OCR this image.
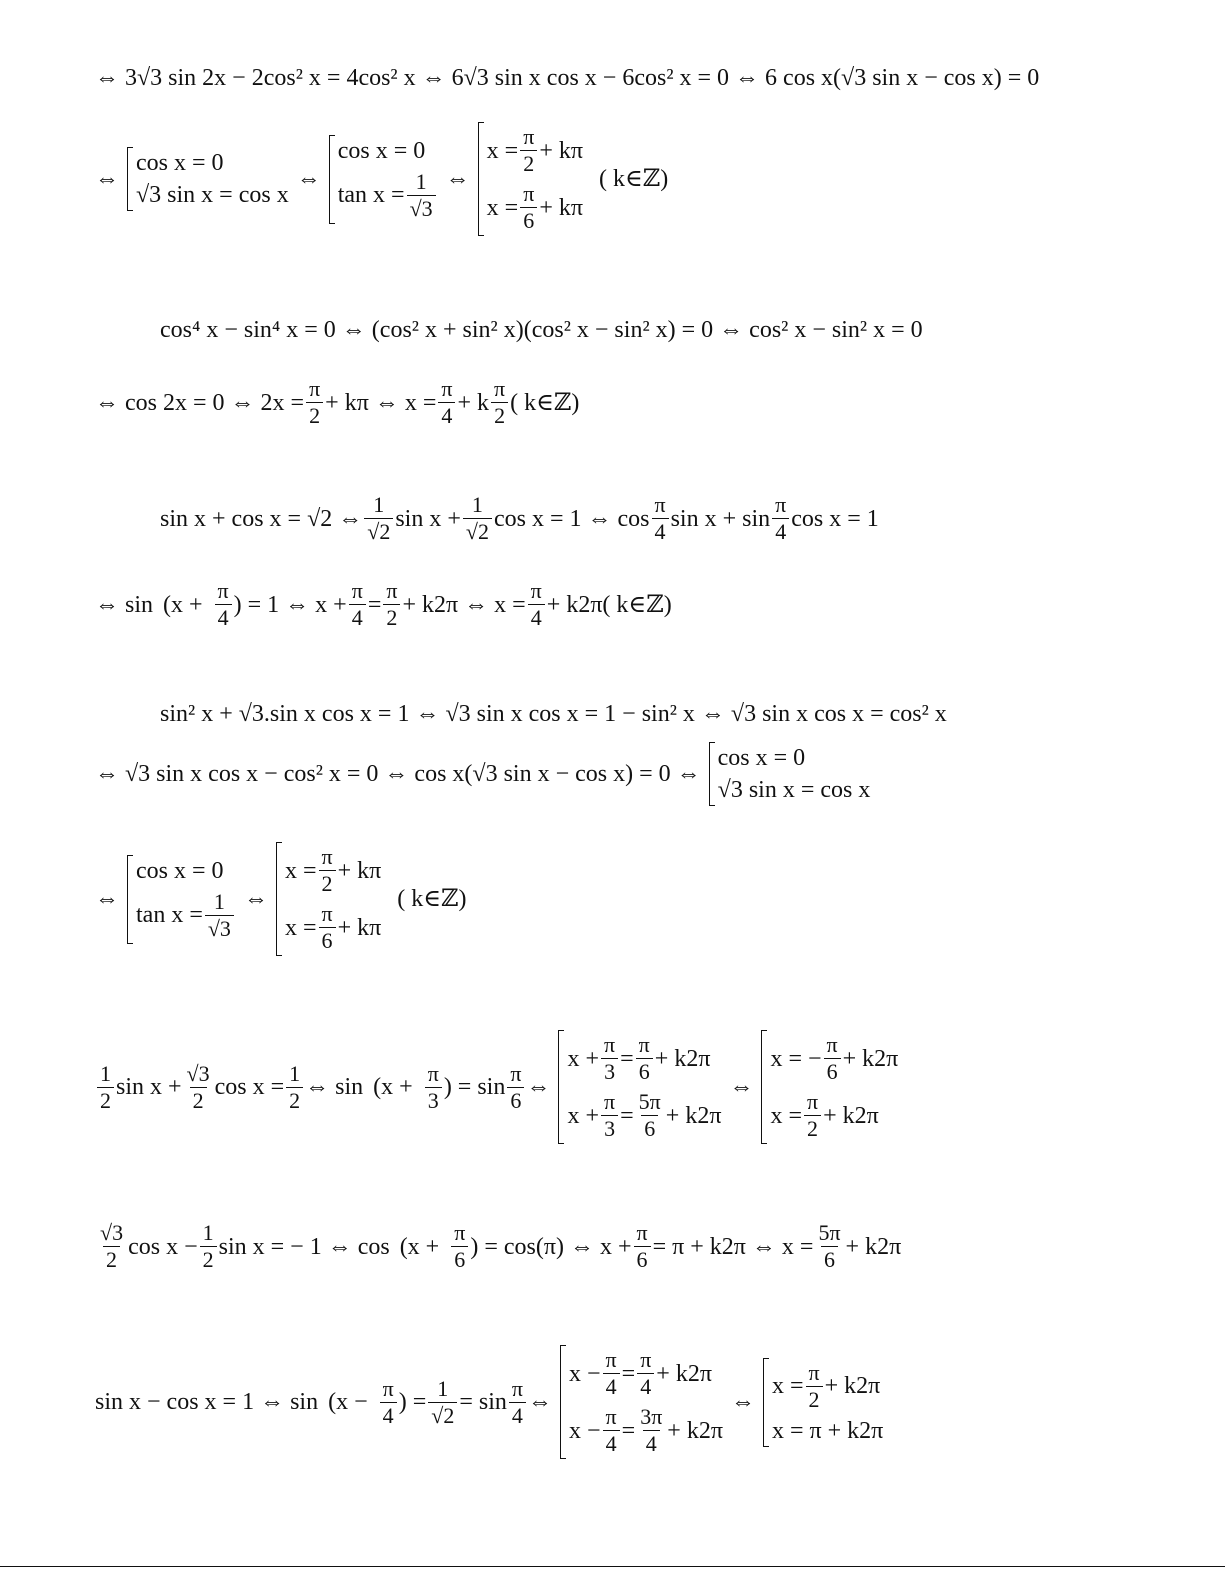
⇔ 3√3 sin 2x − 2cos² x = 4cos² x ⇔ 6√3 sin x cos x − 6cos² x = 0 ⇔ 6 cos x(√3 sin x − cos x) = 0
⇔
cos x = 0
√3 sin x = cos x
⇔
cos x = 0
$\tan x = \frac{1}{√3}$ ⇔
$x = \frac{\pi}{2} + k\pi$
$x = \frac{\pi}{6} + k\pi$
( k∈ℤ)
cos⁴ x − sin⁴ x = 0 ⇔ (cos² x + sin² x)(cos² x − sin² x) = 0 ⇔ cos² x − sin² x = 0
⇔ cos 2x = 0 ⇔ $2x = \frac{\pi}{2} + k\pi$ ⇔ $x = \frac{\pi}{4} + k \frac{\pi}{2}$ ( k∈ℤ)
sin x + cos x = √2 ⇔ $\frac{1}{√2}$ $\sin x + \frac{1}{√2}$ cos x = 1 ⇔ $\cos \frac{\pi}{4}$ $\sin x + \sin \frac{\pi}{4}$ cos x = 1
⇔ $\sin (x + \frac{\pi}{4}$ ) = 1 ⇔ $x + \frac{\pi}{4} = \frac{\pi}{2} + k2\pi$ ⇔ $x = \frac{\pi}{4} + k2\pi$( k∈ℤ)
sin² x + √3.sin x cos x = 1 ⇔ √3 sin x cos x = 1 − sin² x ⇔ √3 sin x cos x = cos² x
⇔ √3 sin x cos x − cos² x = 0 ⇔ cos x(√3 sin x − cos x) = 0 ⇔
cos x = 0
√3 sin x = cos x
⇔
cos x = 0
$\tan x = \frac{1}{√3}$ ⇔
$x = \frac{\pi}{2} + k\pi$
$x = \frac{\pi}{6} + k\pi$
( k∈ℤ)
$\frac{1}{2}$ $\sin x + \frac{√3}{2}$ $\cos x = \frac{1}{2}$ ⇔ $\sin (x + \frac{\pi}{3}$ ) = $\sin \frac{\pi}{6}$ ⇔
$x + \frac{\pi}{3} = \frac{\pi}{6} + k2\pi$
$x + \frac{\pi}{3} = \frac{5\pi}{6} + k2\pi$
⇔
x = − $\frac{\pi}{6} + k2\pi$
$x = \frac{\pi}{2} + k2\pi$
$\frac{√3}{2}$ $\cos x - \frac{1}{2}$ sin x = − 1 ⇔ $\cos (x + \frac{\pi}{6}$ ) = cos(π) ⇔ $x + \frac{\pi}{6} = \pi + k2\pi$ ⇔ $x = \frac{5\pi}{6} + k2\pi$
sin x − cos x = 1 ⇔ $\sin (x - \frac{\pi}{4}$ ) = $\frac{1}{√2} = \sin \frac{\pi}{4}$ ⇔
$x - \frac{\pi}{4} = \frac{\pi}{4} + k2\pi$
$x - \frac{\pi}{4} = \frac{3\pi}{4} + k2\pi$
⇔
$x = \frac{\pi}{2} + k2\pi$
x = π + k2π
